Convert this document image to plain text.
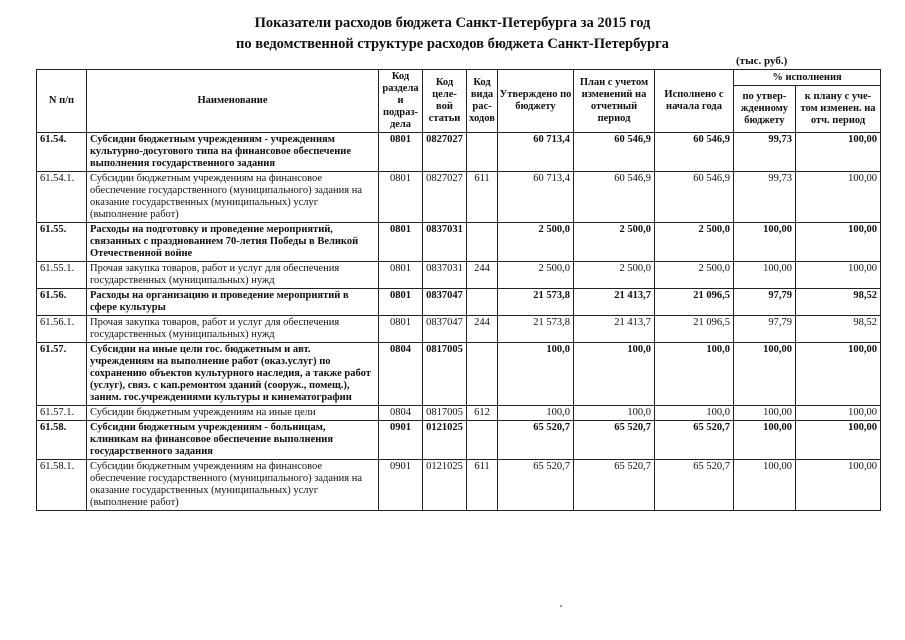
Показатели расходов бюджета Санкт-Петербурга за 2015 год
по ведомственной структуре расходов бюджета Санкт-Петербурга
(тыс. руб.)
N п/п	Наименование	Код раздела и подраз-дела	Код целе-вой статьи	Код вида рас-ходов	Утверждено по бюджету	План с учетом изменений на отчетный период	Исполнено с начала года	% исполнения	
								по утвер-жденному бюджету	к плану с уче-том изменен. на отч. период
61.54.	Субсидии бюджетным учреждениям - учреждениям культурно-досугового типа на финансовое обеспечение выполнения государственного задания	0801	0827027		60 713,4	60 546,9	60 546,9	99,73	100,00
61.54.1.	Субсидии бюджетным учреждениям на финансовое обеспечение государственного (муниципального) задания на оказание государственных (муниципальных) услуг (выполнение работ)	0801	0827027	611	60 713,4	60 546,9	60 546,9	99,73	100,00
61.55.	Расходы на подготовку и проведение мероприятий, связанных с празднованием 70-летия Победы в Великой Отечественной войне	0801	0837031		2 500,0	2 500,0	2 500,0	100,00	100,00
61.55.1.	Прочая закупка товаров, работ и услуг для обеспечения государственных (муниципальных) нужд	0801	0837031	244	2 500,0	2 500,0	2 500,0	100,00	100,00
61.56.	Расходы на организацию и проведение мероприятий в сфере культуры	0801	0837047		21 573,8	21 413,7	21 096,5	97,79	98,52
61.56.1.	Прочая закупка товаров, работ и услуг для обеспечения государственных (муниципальных) нужд	0801	0837047	244	21 573,8	21 413,7	21 096,5	97,79	98,52
61.57.	Субсидии на иные цели гос. бюджетным и авт. учреждениям на выполнение работ (оказ.услуг) по сохранению объектов культурного наследия, а также работ (услуг), связ. с кап.ремонтом зданий (сооруж., помещ.), заним. гос.учреждениями культуры и кинематографии	0804	0817005		100,0	100,0	100,0	100,00	100,00
61.57.1.	Субсидии бюджетным учреждениям на иные цели	0804	0817005	612	100,0	100,0	100,0	100,00	100,00
61.58.	Субсидии бюджетным учреждениям - больницам, клиникам на финансовое обеспечение выполнения государственного задания	0901	0121025		65 520,7	65 520,7	65 520,7	100,00	100,00
61.58.1.	Субсидии бюджетным учреждениям на финансовое обеспечение государственного (муниципального) задания на оказание государственных (муниципальных) услуг (выполнение работ)	0901	0121025	611	65 520,7	65 520,7	65 520,7	100,00	100,00
